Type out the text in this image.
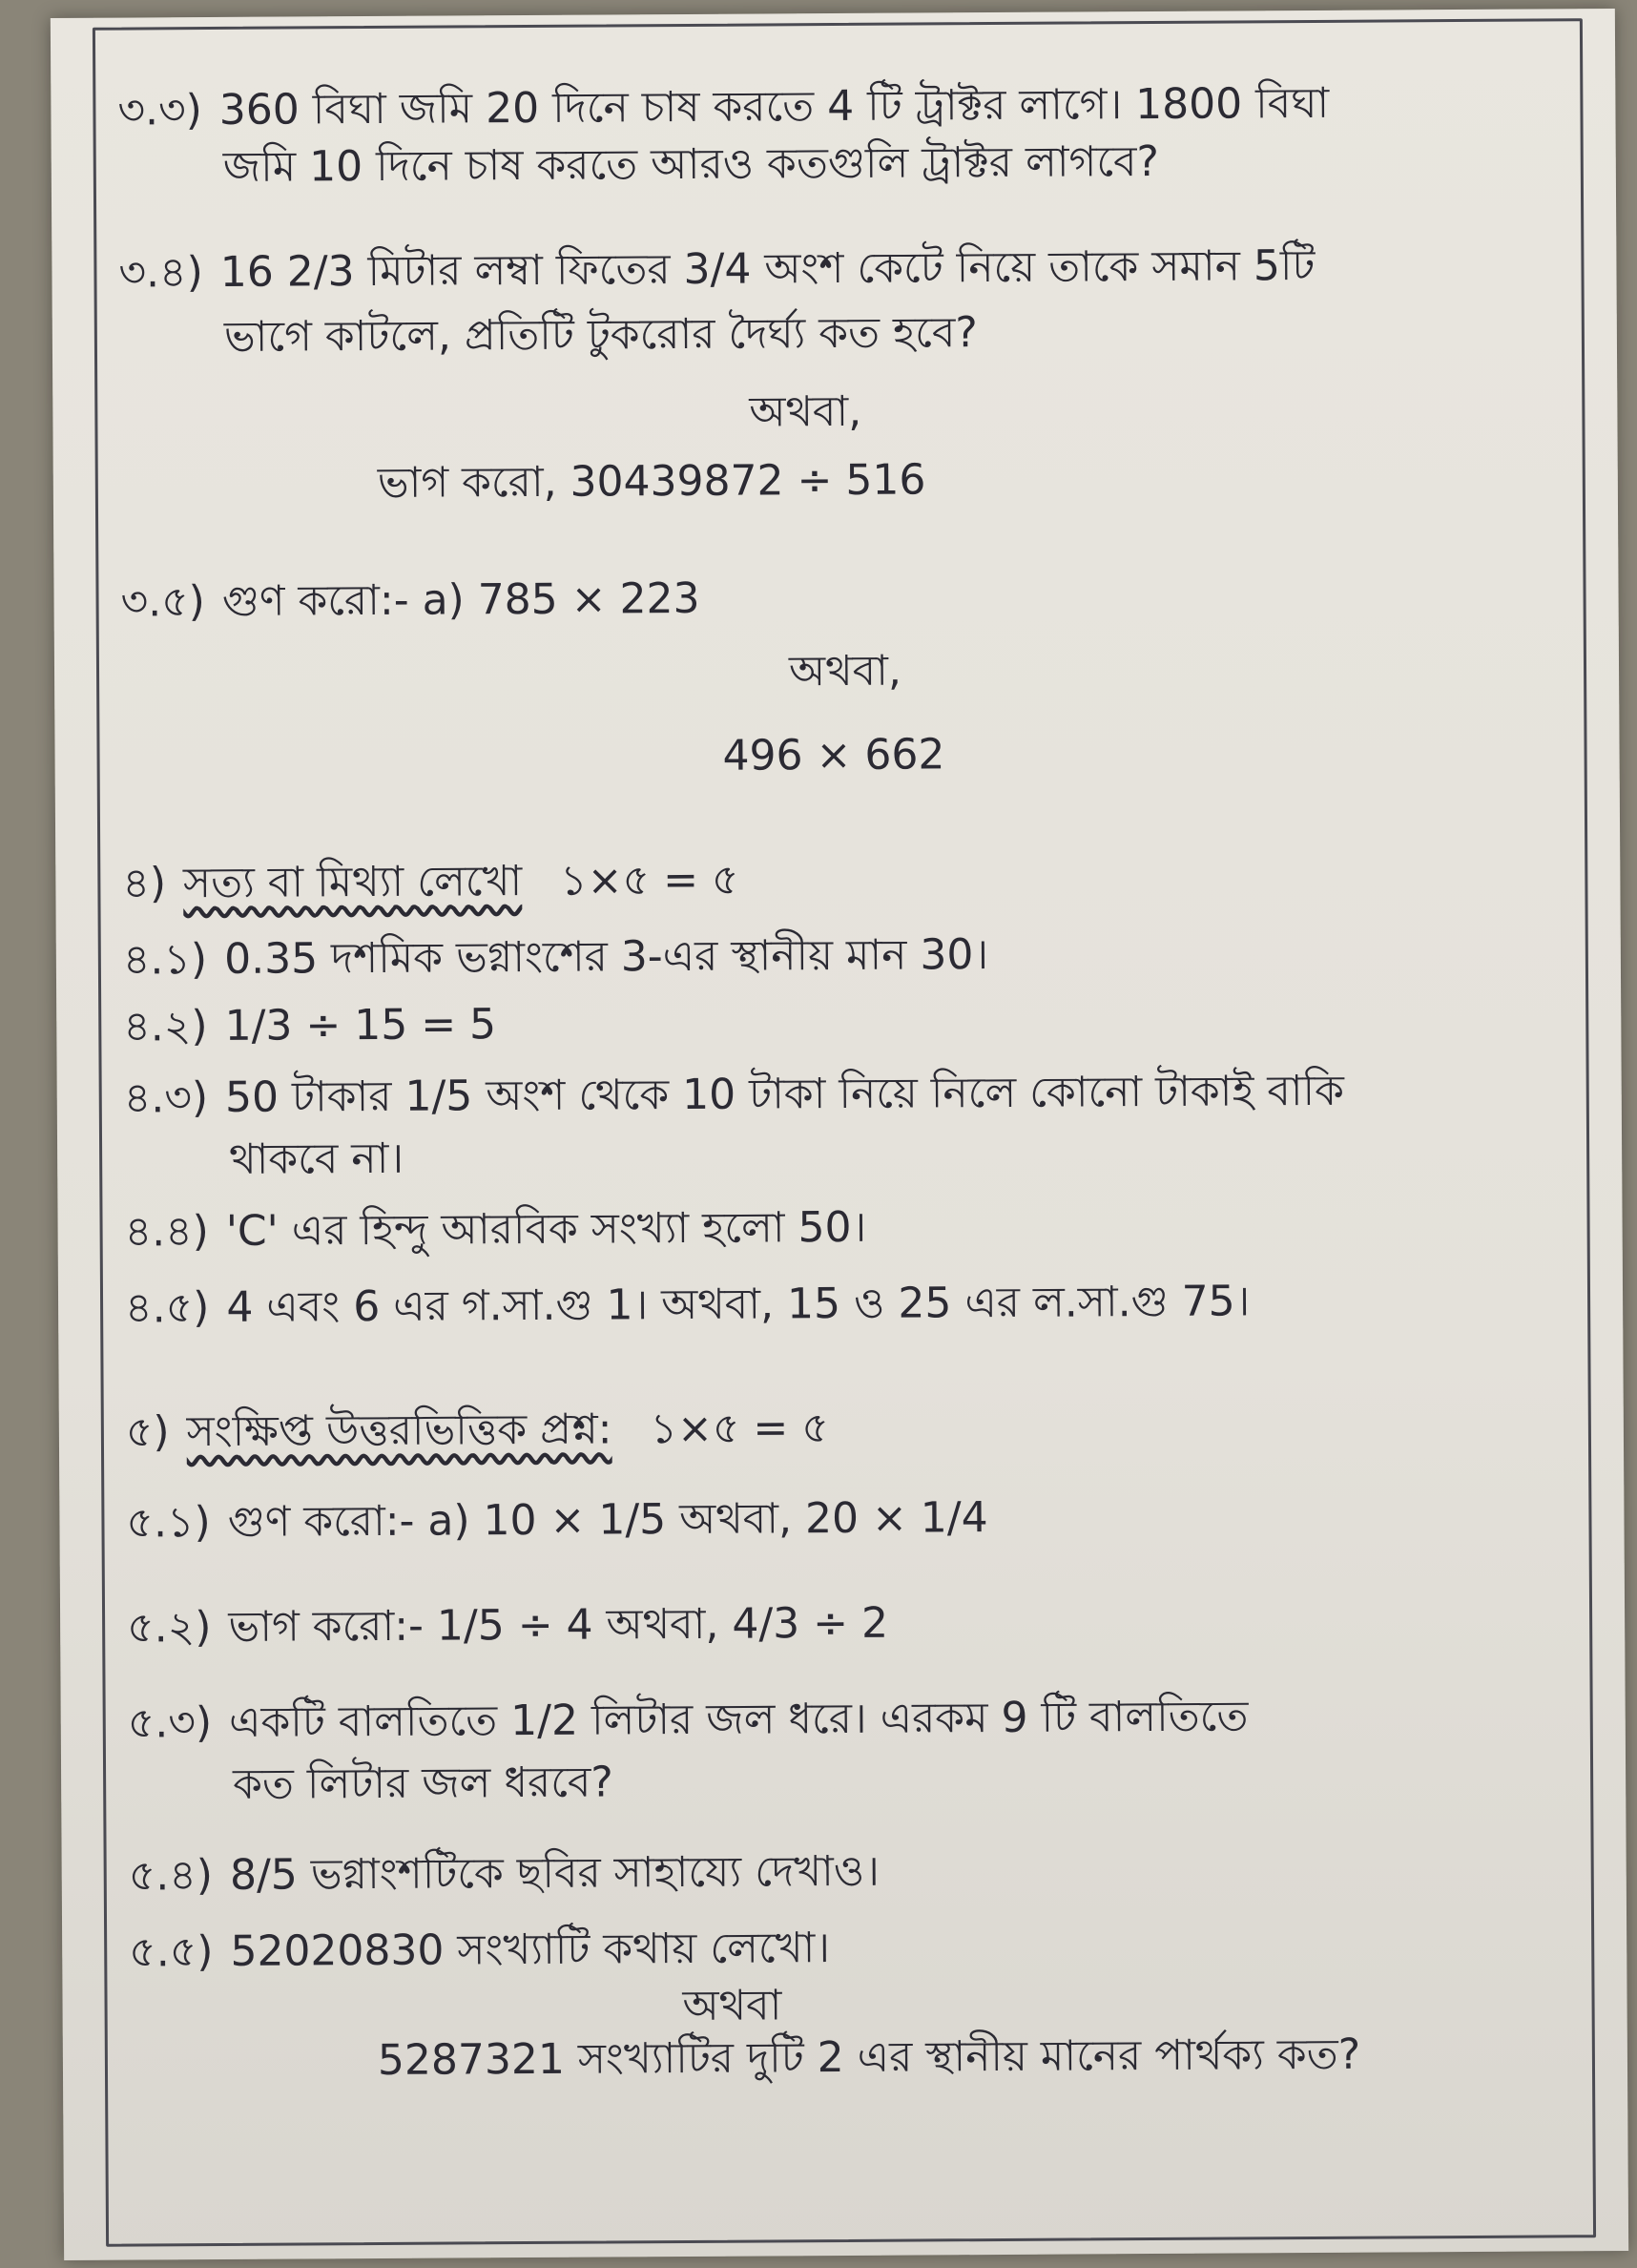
৩.৩) 360 বিঘা জমি 20 দিনে চাষ করতে 4 টি ট্রাক্টর লাগে। 1800 বিঘা
জমি 10 দিনে চাষ করতে আরও কতগুলি ট্রাক্টর লাগবে?
৩.৪) 16 2/3 মিটার লম্বা ফিতের 3/4 অংশ কেটে নিয়ে তাকে সমান 5টি
ভাগে কাটলে, প্রতিটি টুকরোর দৈর্ঘ্য কত হবে?
অথবা,
ভাগ করো, 30439872 ÷ 516
৩.৫) গুণ করো:- a) 785 × 223
অথবা,
496 × 662
৪) সত্য বা মিথ্যা লেখো ১×৫ = ৫
৪.১) 0.35 দশমিক ভগ্নাংশের 3-এর স্থানীয় মান 30।
৪.২) 1/3 ÷ 15 = 5
৪.৩) 50 টাকার 1/5 অংশ থেকে 10 টাকা নিয়ে নিলে কোনো টাকাই বাকি
থাকবে না।
৪.৪) 'C' এর হিন্দু আরবিক সংখ্যা হলো 50।
৪.৫) 4 এবং 6 এর গ.সা.গু 1। অথবা, 15 ও 25 এর ল.সা.গু 75।
৫) সংক্ষিপ্ত উত্তরভিত্তিক প্রশ্ন: ১×৫ = ৫
৫.১) গুণ করো:- a) 10 × 1/5 অথবা, 20 × 1/4
৫.২) ভাগ করো:- 1/5 ÷ 4 অথবা, 4/3 ÷ 2
৫.৩) একটি বালতিতে 1/2 লিটার জল ধরে। এরকম 9 টি বালতিতে
কত লিটার জল ধরবে?
৫.৪) 8/5 ভগ্নাংশটিকে ছবির সাহায্যে দেখাও।
৫.৫) 52020830 সংখ্যাটি কথায় লেখো।
অথবা
5287321 সংখ্যাটির দুটি 2 এর স্থানীয় মানের পার্থক্য কত?
